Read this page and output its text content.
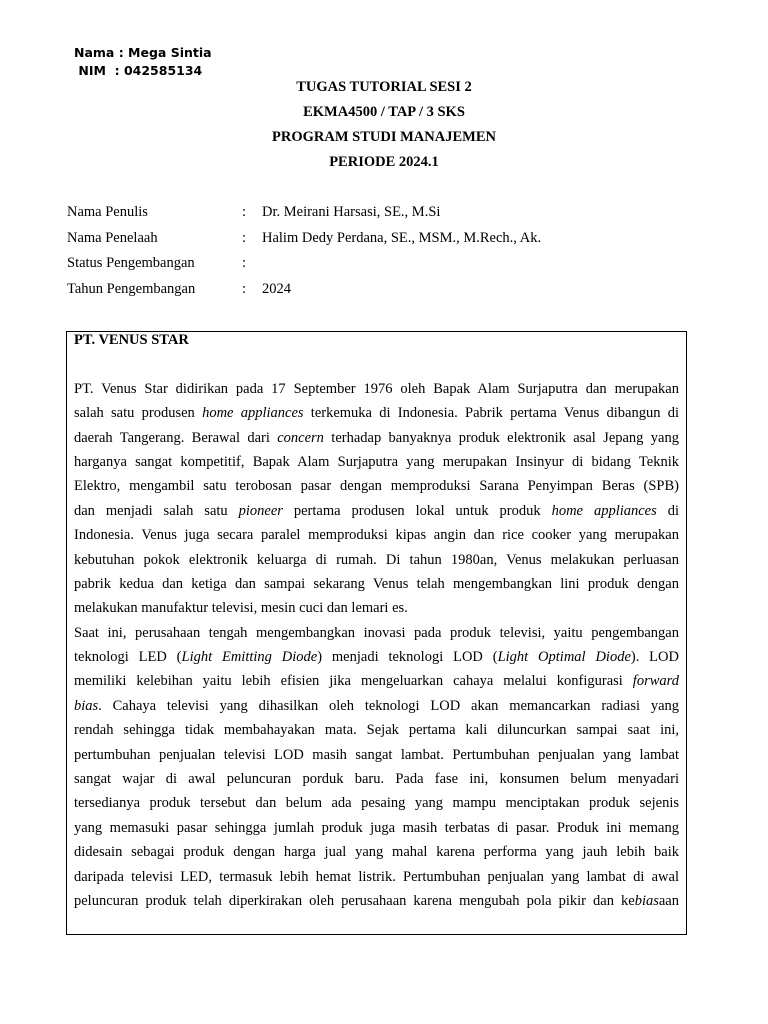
Nama : Mega Sintia
NIM  : 042585134
TUGAS TUTORIAL SESI 2
EKMA4500 / TAP / 3 SKS
PROGRAM STUDI MANAJEMEN
PERIODE 2024.1
Nama Penulis	:	Dr. Meirani Harsasi, SE., M.Si
Nama Penelaah	:	Halim Dedy Perdana, SE., MSM., M.Rech., Ak.
Status Pengembangan	:	
Tahun Pengembangan	:	2024
PT. VENUS STAR
PT. Venus Star didirikan pada 17 September 1976 oleh Bapak Alam Surjaputra dan merupakan
salah satu produsen home appliances terkemuka di Indonesia. Pabrik pertama Venus dibangun di
daerah Tangerang. Berawal dari concern terhadap banyaknya produk elektronik asal Jepang yang
harganya sangat kompetitif, Bapak Alam Surjaputra yang merupakan Insinyur di bidang Teknik
Elektro, mengambil satu terobosan pasar dengan memproduksi Sarana Penyimpan Beras (SPB)
dan menjadi salah satu pioneer pertama produsen lokal untuk produk home appliances di
Indonesia. Venus juga secara paralel memproduksi kipas angin dan rice cooker yang merupakan
kebutuhan pokok elektronik keluarga di rumah. Di tahun 1980an, Venus melakukan perluasan
pabrik kedua dan ketiga dan sampai sekarang Venus telah mengembangkan lini produk dengan
melakukan manufaktur televisi, mesin cuci dan lemari es.
Saat ini, perusahaan tengah mengembangkan inovasi pada produk televisi, yaitu pengembangan
teknologi LED (Light Emitting Diode) menjadi teknologi LOD (Light Optimal Diode). LOD
memiliki kelebihan yaitu lebih efisien jika mengeluarkan cahaya melalui konfigurasi forward
bias. Cahaya televisi yang dihasilkan oleh teknologi LOD akan memancarkan radiasi yang
rendah sehingga tidak membahayakan mata. Sejak pertama kali diluncurkan sampai saat ini,
pertumbuhan penjualan televisi LOD masih sangat lambat. Pertumbuhan penjualan yang lambat
sangat wajar di awal peluncuran porduk baru. Pada fase ini, konsumen belum menyadari
tersedianya produk tersebut dan belum ada pesaing yang mampu menciptakan produk sejenis
yang memasuki pasar sehingga jumlah produk juga masih terbatas di pasar. Produk ini memang
didesain sebagai produk dengan harga jual yang mahal karena performa yang jauh lebih baik
daripada televisi LED, termasuk lebih hemat listrik. Pertumbuhan penjualan yang lambat di awal
peluncuran produk telah diperkirakan oleh perusahaan karena mengubah pola pikir dan kebiasaan
